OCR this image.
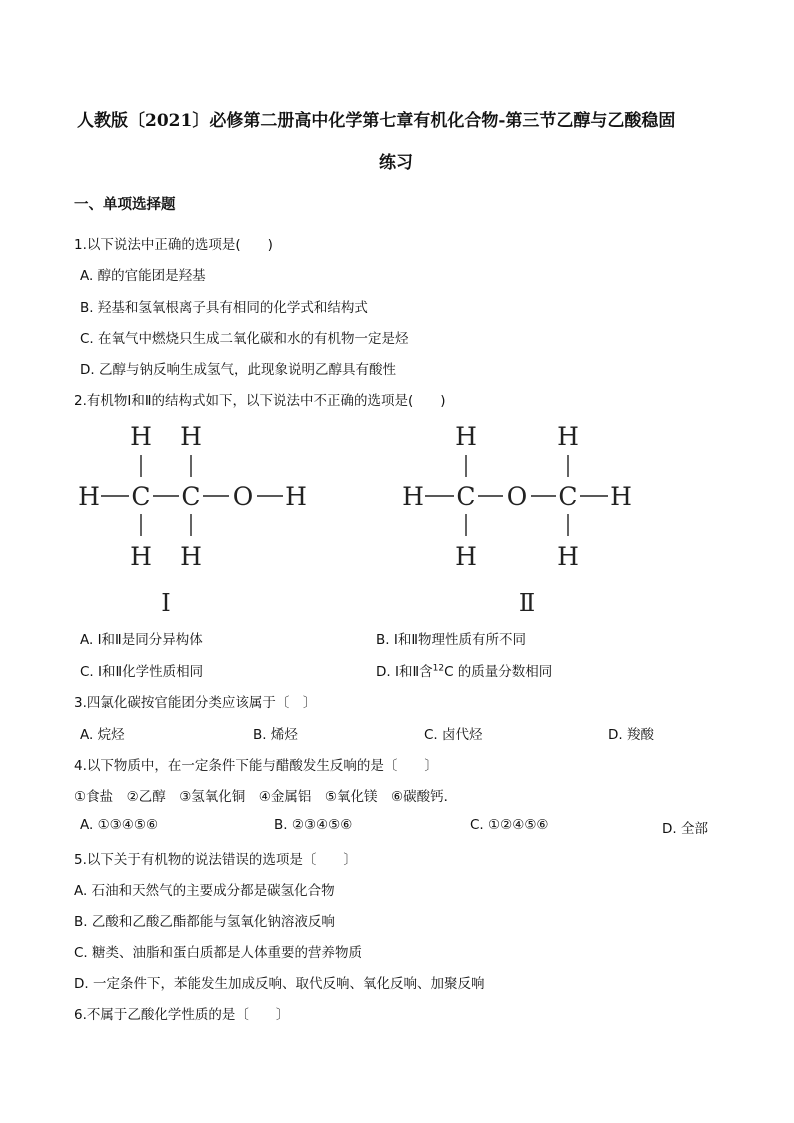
人教版〔2021〕必修第二册高中化学第七章有机化合物-第三节乙醇与乙酸稳固
练习
一、单项选择题
1.以下说法中正确的选项是(　　)
A. 醇的官能团是羟基
B. 羟基和氢氧根离子具有相同的化学式和结构式
C. 在氧气中燃烧只生成二氧化碳和水的有机物一定是烃
D. 乙醇与钠反响生成氢气，此现象说明乙醇具有酸性
2.有机物Ⅰ和Ⅱ的结构式如下，以下说法中不正确的选项是(　　)
H H
H C C O H
H H
Ⅰ
H	H
H C O C H
H	H
Ⅱ
A. Ⅰ和Ⅱ是同分异构体	B. Ⅰ和Ⅱ物理性质有所不同
C. Ⅰ和Ⅱ化学性质相同	D. Ⅰ和Ⅱ含$^{12}$C 的质量分数相同
3.四氯化碳按官能团分类应该属于〔　〕
A. 烷烃	B. 烯烃	C. 卤代烃	D. 羧酸
4.以下物质中，在一定条件下能与醋酸发生反响的是〔　　〕
①食盐　②乙醇　③氢氧化铜　④金属铝　⑤氧化镁　⑥碳酸钙．
A. ①③④⑤⑥	B. ②③④⑤⑥	C. ①②④⑤⑥	D. 全部
5.以下关于有机物的说法错误的选项是〔　　〕
A. 石油和天然气的主要成分都是碳氢化合物
B. 乙酸和乙酸乙酯都能与氢氧化钠溶液反响
C. 糖类、油脂和蛋白质都是人体重要的营养物质
D. 一定条件下，苯能发生加成反响、取代反响、氧化反响、加聚反响
6.不属于乙酸化学性质的是〔　　〕
